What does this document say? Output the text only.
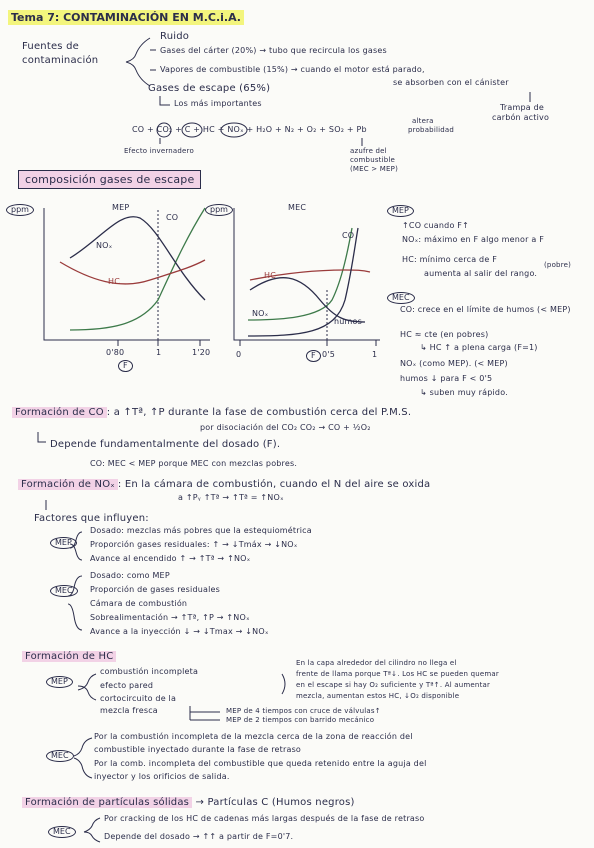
Tema 7: CONTAMINACIÓN EN M.C.i.A.
Fuentes de
contaminación
Ruido
Gases del cárter (20%) → tubo que recircula los gases
Vapores de combustible (15%) → cuando el motor está parado,
se absorben con el cánister
Trampa de
carbón activo
Gases de escape (65%)
Los más importantes
CO + CO₂ + C + HC + NOₓ + H₂O + N₂ + O₂ + SO₂ + Pb
altera
probabilidad
Efecto invernadero	azufre del
combustible
(MEC > MEP)
composición gases de escape
ppm	MEP
CO
NOₓ
HC
0'80	1	1'20
F
ppm	MEC
CO
HC
NOₓ
humos
0	0'5	1
F
MEP
↑CO cuando F↑
NOₓ: máximo en F algo menor a F
HC: mínimo cerca de F
(pobre)
aumenta al salir del rango.
MEC
CO: crece en el límite de humos (< MEP)
HC ≈ cte (en pobres)
↳ HC ↑ a plena carga (F=1)
NOₓ (como MEP). (< MEP)
humos ↓ para F < 0'5
↳ suben muy rápido.
Formación de CO : a ↑Tª, ↑P durante la fase de combustión cerca del P.M.S.
por disociación del CO₂ CO₂ → CO + ½O₂
Depende fundamentalmente del dosado (F).
CO: MEC < MEP porque MEC con mezclas pobres.
Formación de NOₓ : En la cámara de combustión, cuando el N del aire se oxida
a ↑Pᵧ ↑Tª → ↑Tª = ↑NOₓ
Factores que influyen:
MEP
Dosado: mezclas más pobres que la estequiométrica
Proporción gases residuales: ↑ → ↓Tmáx → ↓NOₓ
Avance al encendido ↑ → ↑Tª → ↑NOₓ
MEC
Dosado: como MEP
Proporción de gases residuales
Cámara de combustión
Sobrealimentación → ↑Tª, ↑P → ↑NOₓ
Avance a la inyección ↓ → ↓Tmax → ↓NOₓ
Formación de HC
MEP
combustión incompleta
efecto pared
cortocircuito de la
mezcla fresca
En la capa alrededor del cilindro no llega el
frente de llama porque Tª↓. Los HC se pueden quemar
en el escape si hay O₂ suficiente y Tª↑. Al aumentar
mezcla, aumentan estos HC, ↓O₂ disponible
MEP de 4 tiempos con cruce de válvulas↑
MEP de 2 tiempos con barrido mecánico
MEC
Por la combustión incompleta de la mezcla cerca de la zona de reacción del
combustible inyectado durante la fase de retraso
Por la comb. incompleta del combustible que queda retenido entre la aguja del
inyector y los orificios de salida.
Formación de partículas sólidas → Partículas C (Humos negros)
MEC
Por cracking de los HC de cadenas más largas después de la fase de retraso
Depende del dosado → ↑↑ a partir de F=0'7.
